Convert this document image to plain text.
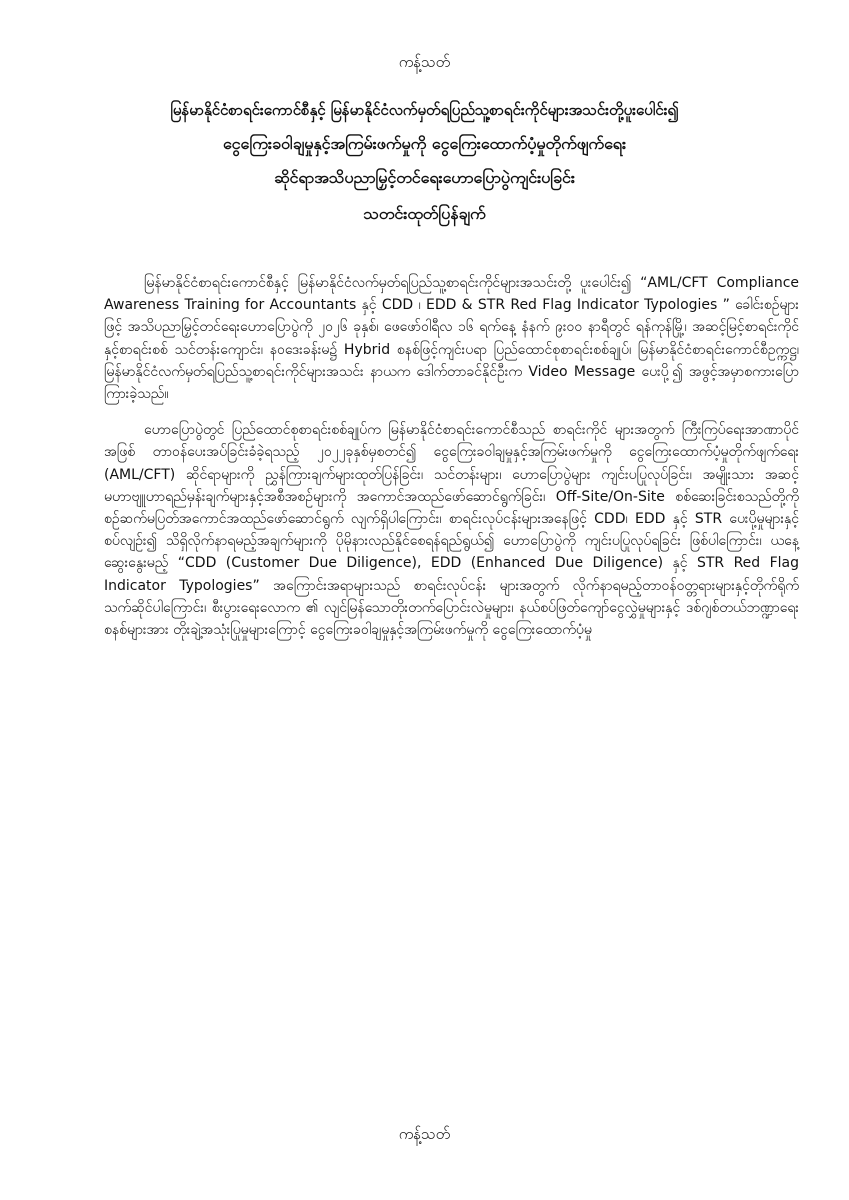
ကန့်သတ်
မြန်မာနိုင်ငံစာရင်းကောင်စီနှင့် မြန်မာနိုင်ငံလက်မှတ်ရပြည်သူ့စာရင်းကိုင်များအသင်းတို့ပူးပေါင်း၍
ငွေကြေးခဝါချမှုနှင့်အကြမ်းဖက်မှုကို ငွေကြေးထောက်ပံ့မှုတိုက်ဖျက်ရေး
ဆိုင်ရာအသိပညာမြှင့်တင်ရေးဟောပြောပွဲကျင်းပခြင်း
သတင်းထုတ်ပြန်ချက်

မြန်မာနိုင်ငံစာရင်းကောင်စီနှင့် မြန်မာနိုင်ငံလက်မှတ်ရပြည်သူ့စာရင်းကိုင်များအသင်းတို့ ပူးပေါင်း၍ “AML/CFT Compliance Awareness Training for Accountants နှင့် CDD ၊ EDD & STR Red Flag Indicator Typologies ” ခေါင်းစဉ်များဖြင့် အသိပညာမြှင့်တင်ရေးဟောပြောပွဲကို ၂၀၂၆ ခုနှစ်၊ ဖေဖော်ဝါရီလ ၁၆ ရက်နေ့ နံနက် ၉း၀၀ နာရီတွင် ရန်ကုန်မြို့၊ အဆင့်မြင့်စာရင်းကိုင်နှင့်စာရင်းစစ် သင်တန်းကျောင်း၊ နဝဒေးခန်းမ၌ Hybrid စနစ်ဖြင့်ကျင်းပရာ ပြည်ထောင်စုစာရင်းစစ်ချုပ်၊ မြန်မာနိုင်ငံစာရင်းကောင်စီဥက္ကဋ္ဌ၊ မြန်မာနိုင်ငံလက်မှတ်ရပြည်သူ့စာရင်းကိုင်များအသင်း နာယက ဒေါက်တာခင်နိုင်ဦးက Video Message ပေးပို့၍ အဖွင့်အမှာစကားပြောကြားခဲ့သည်။

ဟောပြောပွဲတွင် ပြည်ထောင်စုစာရင်းစစ်ချုပ်က မြန်မာနိုင်ငံစာရင်းကောင်စီသည် စာရင်းကိုင် များအတွက် ကြီးကြပ်ရေးအာဏာပိုင်အဖြစ် တာဝန်ပေးအပ်ခြင်းခံခဲ့ရသည့် ၂၀၂၂ခုနှစ်မှစတင်၍ ငွေကြေးခဝါချမှုနှင့်အကြမ်းဖက်မှုကို ငွေကြေးထောက်ပံ့မှုတိုက်ဖျက်ရေး (AML/CFT) ဆိုင်ရာများကို ညွှန်ကြားချက်များထုတ်ပြန်ခြင်း၊ သင်တန်းများ၊ ဟောပြောပွဲများ ကျင်းပပြုလုပ်ခြင်း၊ အမျိုးသား အဆင့်မဟာဗျူဟာရည်မှန်းချက်များနှင့်အစီအစဉ်များကို အကောင်အထည်ဖော်ဆောင်ရွက်ခြင်း၊ Off-Site/On-Site စစ်ဆေးခြင်းစသည်တို့ကို စဉ်ဆက်မပြတ်အကောင်အထည်ဖော်ဆောင်ရွက် လျက်ရှိပါကြောင်း၊ စာရင်းလုပ်ငန်းများအနေဖြင့် CDD၊ EDD နှင့် STR ပေးပို့မှုများနှင့်စပ်လျဉ်း၍ သိရှိလိုက်နာရမည့်အချက်များကို ပိုမိုနားလည်နိုင်စေရန်ရည်ရွယ်၍ ဟောပြောပွဲကို ကျင်းပပြုလုပ်ရခြင်း ဖြစ်ပါကြောင်း၊ ယနေ့ဆွေးနွေးမည့် “CDD (Customer Due Diligence), EDD (Enhanced Due Diligence) နှင့် STR Red Flag Indicator Typologies” အကြောင်းအရာများသည် စာရင်းလုပ်ငန်း များအတွက် လိုက်နာရမည့်တာဝန်ဝတ္တရားများနှင့်တိုက်ရိုက်သက်ဆိုင်ပါကြောင်း၊ စီးပွားရေးလောက ၏ လျင်မြန်သောတိုးတက်ပြောင်းလဲမှုများ၊ နယ်စပ်ဖြတ်ကျော်ငွေလွှဲမှုများနှင့် ဒစ်ဂျစ်တယ်ဘဏ္ဍာရေး စနစ်များအား တိုးချဲ့အသုံးပြုမှုများကြောင့် ငွေကြေးခဝါချမှုနှင့်အကြမ်းဖက်မှုကို ငွေကြေးထောက်ပံ့မှု

ကန့်သတ်
